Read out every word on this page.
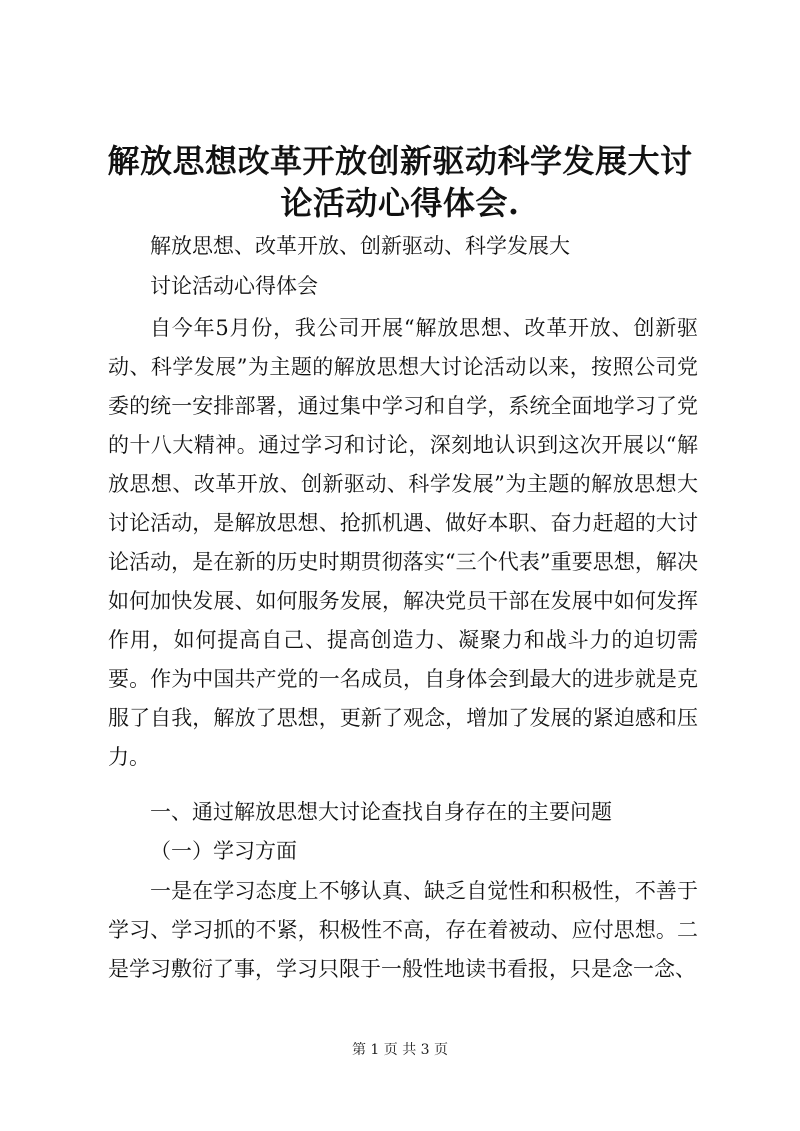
解放思想改革开放创新驱动科学发展大讨论活动心得体会.
解放思想、改革开放、创新驱动、科学发展大
讨论活动心得体会
自今年5月份，我公司开展“解放思想、改革开放、创新驱动、科学发展”为主题的解放思想大讨论活动以来，按照公司党委的统一安排部署，通过集中学习和自学，系统全面地学习了党的十八大精神。通过学习和讨论，深刻地认识到这次开展以“解放思想、改革开放、创新驱动、科学发展”为主题的解放思想大讨论活动，是解放思想、抢抓机遇、做好本职、奋力赶超的大讨论活动，是在新的历史时期贯彻落实“三个代表”重要思想，解决如何加快发展、如何服务发展，解决党员干部在发展中如何发挥作用，如何提高自己、提高创造力、凝聚力和战斗力的迫切需要。作为中国共产党的一名成员，自身体会到最大的进步就是克服了自我，解放了思想，更新了观念，增加了发展的紧迫感和压力。
一、通过解放思想大讨论查找自身存在的主要问题
（一）学习方面
一是在学习态度上不够认真、缺乏自觉性和积极性，不善于学习、学习抓的不紧，积极性不高，存在着被动、应付思想。二是学习敷衍了事，学习只限于一般性地读书看报，只是念一念、
第 1 页 共 3 页
